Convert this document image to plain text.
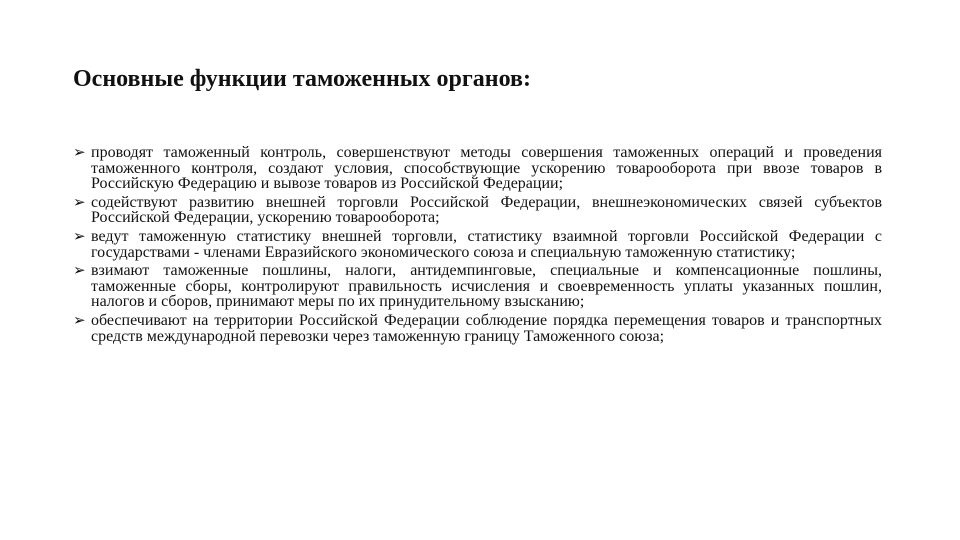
Основные функции таможенных органов:
➢ проводят таможенный контроль, совершенствуют методы совершения таможенных операций и проведения таможенного контроля, создают условия, способствующие ускорению товарооборота при ввозе товаров в Российскую Федерацию и вывозе товаров из Российской Федерации;
➢ содействуют развитию внешней торговли Российской Федерации, внешнеэкономических связей субъектов Российской Федерации, ускорению товарооборота;
➢ ведут таможенную статистику внешней торговли, статистику взаимной торговли Российской Федерации с государствами - членами Евразийского экономического союза и специальную таможенную статистику;
➢ взимают таможенные пошлины, налоги, антидемпинговые, специальные и компенсационные пошлины, таможенные сборы, контролируют правильность исчисления и своевременность уплаты указанных пошлин, налогов и сборов, принимают меры по их принудительному взысканию;
➢ обеспечивают на территории Российской Федерации соблюдение порядка перемещения товаров и транспортных средств международной перевозки через таможенную границу Таможенного союза;
